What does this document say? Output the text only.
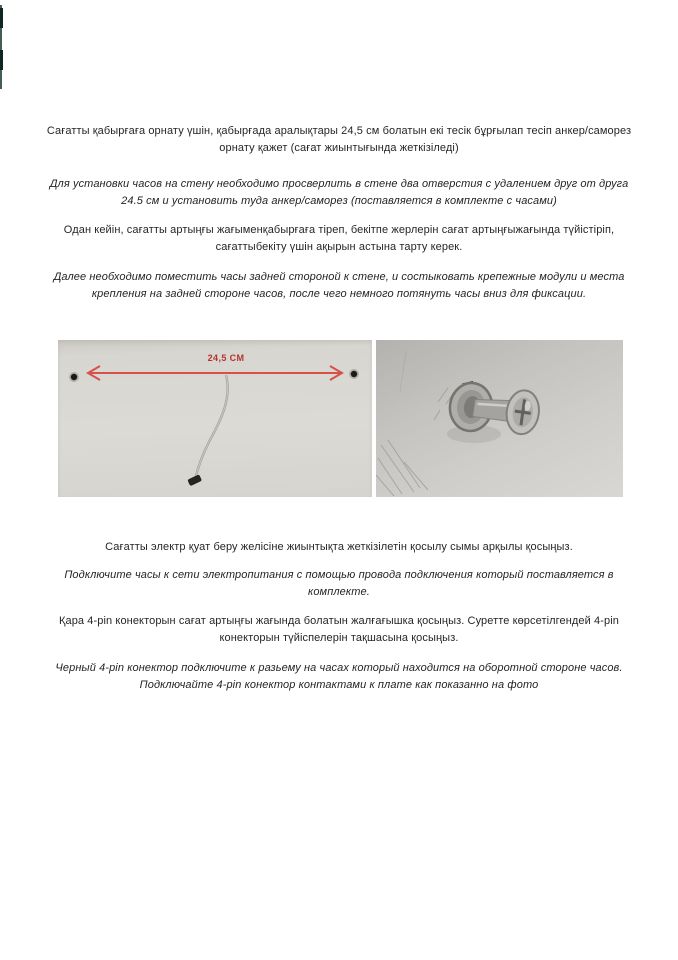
Сағатты қабырғаға орнату үшін, қабырғада аралықтары 24,5 см болатын екі тесік бұрғылап тесіп анкер/саморез
орнату қажет (сағат жиынтығында жеткізіледі)
Для установки часов на стену необходимо просверлить в стене два отверстия с удалением друг от друга
24.5 см и установить туда анкер/саморез (поставляется в комплекте с часами)
Одан кейін, сағатты артыңғы жағыменқабырғаға тіреп, бекітпе жерлерін сағат артыңғыжағында түйістіріп,
сағаттыбекіту үшін ақырын астына тарту керек.
Далее необходимо поместить часы задней стороной к стене, и состыковать крепежные модули и места
крепления на задней стороне часов, после чего немного потянуть часы вниз для фиксации.
24,5 СМ
Сағатты электр қуат беру желісіне жиынтықта жеткізілетін қосылу сымы арқылы қосыңыз.
Подключите часы к сети электропитания с помощью провода подключения который поставляется в
комплекте.
Қара 4-pin конекторын сағат артыңғы жағында болатын жалғағышка қосыңыз. Суретте көрсетілгендей 4-pin
конекторын түйіспелерін тақшасына қосыңыз.
Черный 4-pin конектор подключите к разьему на часах который находится на оборотной стороне часов.
Подключайте 4-pin конектор контактами к плате как показанно на фото
